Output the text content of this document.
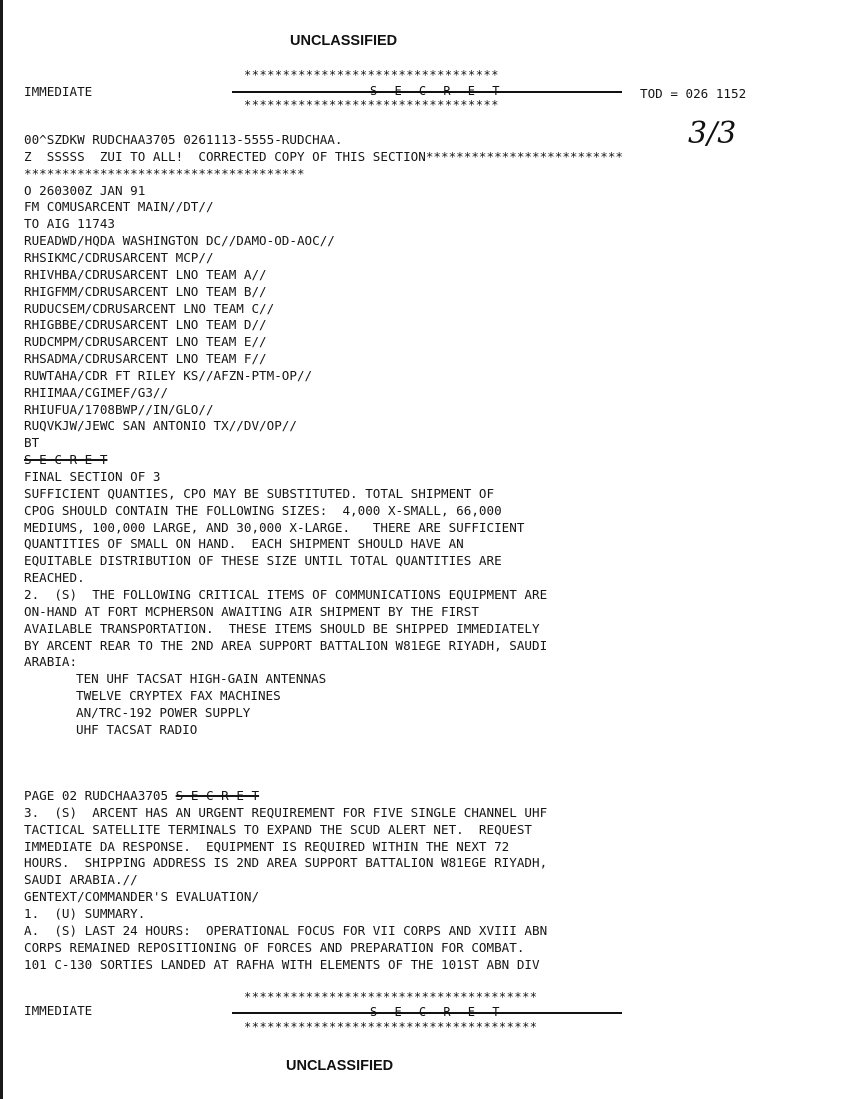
UNCLASSIFIED
IMMEDIATE
*********************************
S E C R E T
*********************************
TOD = 026 1152
3/3

00^SZDKW RUDCHAA3705 0261113-5555-RUDCHAA.

Z  SSSSS  ZUI TO ALL!  CORRECTED COPY OF THIS SECTION**************************

*************************************

O 260300Z JAN 91

FM COMUSARCENT MAIN//DT//

TO AIG 11743

RUEADWD/HQDA WASHINGTON DC//DAMO-OD-AOC//

RHSIKMC/CDRUSARCENT MCP//

RHIVHBA/CDRUSARCENT LNO TEAM A//

RHIGFMM/CDRUSARCENT LNO TEAM B//

RUDUCSEM/CDRUSARCENT LNO TEAM C//

RHIGBBE/CDRUSARCENT LNO TEAM D//

RUDCMPM/CDRUSARCENT LNO TEAM E//

RHSADMA/CDRUSARCENT LNO TEAM F//

RUWTAHA/CDR FT RILEY KS//AFZN-PTM-OP//

RHIIMAA/CGIMEF/G3//

RHIUFUA/1708BWP//IN/GLO//

RUQVKJW/JEWC SAN ANTONIO TX//DV/OP//

BT

S E C R E T

FINAL SECTION OF 3

SUFFICIENT QUANTIES, CPO MAY BE SUBSTITUTED. TOTAL SHIPMENT OF

CPOG SHOULD CONTAIN THE FOLLOWING SIZES:  4,000 X-SMALL, 66,000

MEDIUMS, 100,000 LARGE, AND 30,000 X-LARGE.   THERE ARE SUFFICIENT

QUANTITIES OF SMALL ON HAND.  EACH SHIPMENT SHOULD HAVE AN

EQUITABLE DISTRIBUTION OF THESE SIZE UNTIL TOTAL QUANTITIES ARE

REACHED.

2.  (S)  THE FOLLOWING CRITICAL ITEMS OF COMMUNICATIONS EQUIPMENT ARE

ON-HAND AT FORT MCPHERSON AWAITING AIR SHIPMENT BY THE FIRST

AVAILABLE TRANSPORTATION.  THESE ITEMS SHOULD BE SHIPPED IMMEDIATELY

BY ARCENT REAR TO THE 2ND AREA SUPPORT BATTALION W81EGE RIYADH, SAUDI

ARABIA:

TEN UHF TACSAT HIGH-GAIN ANTENNAS

TWELVE CRYPTEX FAX MACHINES

AN/TRC-192 POWER SUPPLY

UHF TACSAT RADIO

PAGE 02 RUDCHAA3705 S E C R E T

3.  (S)  ARCENT HAS AN URGENT REQUIREMENT FOR FIVE SINGLE CHANNEL UHF

TACTICAL SATELLITE TERMINALS TO EXPAND THE SCUD ALERT NET.  REQUEST

IMMEDIATE DA RESPONSE.  EQUIPMENT IS REQUIRED WITHIN THE NEXT 72

HOURS.  SHIPPING ADDRESS IS 2ND AREA SUPPORT BATTALION W81EGE RIYADH,

SAUDI ARABIA.//

GENTEXT/COMMANDER'S EVALUATION/

1.  (U) SUMMARY.

A.  (S) LAST 24 HOURS:  OPERATIONAL FOCUS FOR VII CORPS AND XVIII ABN

CORPS REMAINED REPOSITIONING OF FORCES AND PREPARATION FOR COMBAT.

101 C-130 SORTIES LANDED AT RAFHA WITH ELEMENTS OF THE 101ST ABN DIV

IMMEDIATE
**************************************
S E C R E T
**************************************
UNCLASSIFIED
